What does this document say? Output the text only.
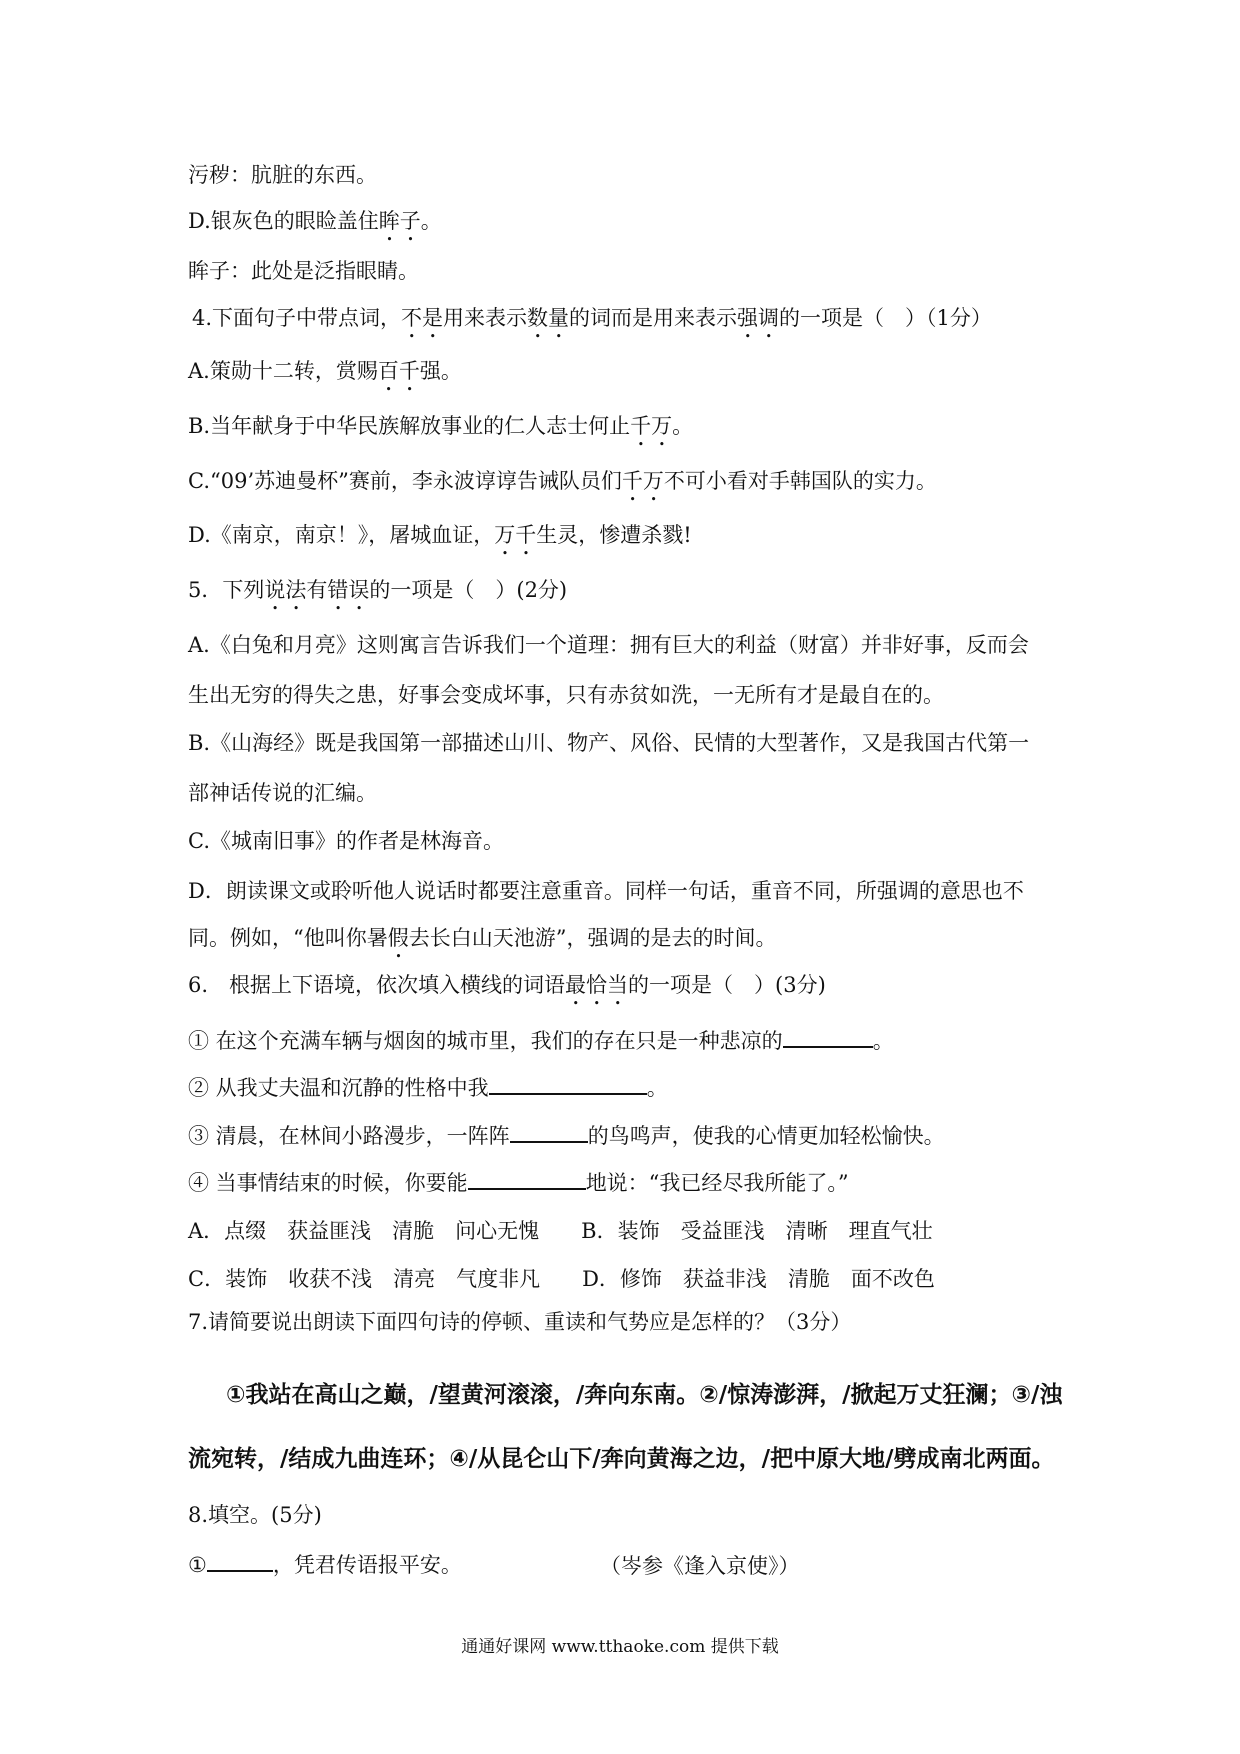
污秽：肮脏的东西。
D.银灰色的眼睑盖住眸子。
眸子：此处是泛指眼睛。
4.下面句子中带点词，不是用来表示数量的词而是用来表示强调的一项是（　）（1分）
A.策勋十二转，赏赐百千强。
B.当年献身于中华民族解放事业的仁人志士何止千万。
C.“09’苏迪曼杯”赛前，李永波谆谆告诫队员们千万不可小看对手韩国队的实力。
D.《南京，南京！》，屠城血证，万千生灵，惨遭杀戮!
5．下列说法有错误的一项是（　）(2分)
A.《白兔和月亮》这则寓言告诉我们一个道理：拥有巨大的利益（财富）并非好事，反而会
生出无穷的得失之患，好事会变成坏事，只有赤贫如洗，一无所有才是最自在的。
B.《山海经》既是我国第一部描述山川、物产、风俗、民情的大型著作，又是我国古代第一
部神话传说的汇编。
C.《城南旧事》的作者是林海音。
D．朗读课文或聆听他人说话时都要注意重音。同样一句话，重音不同，所强调的意思也不
同。例如，“他叫你暑假去长白山天池游”，强调的是去的时间。
6.　根据上下语境，依次填入横线的词语最恰当的一项是（　）(3分)
① 在这个充满车辆与烟囱的城市里，我们的存在只是一种悲凉的	。
② 从我丈夫温和沉静的性格中我	。
③ 清晨，在林间小路漫步，一阵阵	的鸟鸣声，使我的心情更加轻松愉快。
④ 当事情结束的时候，你要能	地说：“我已经尽我所能了。”
A．点缀　获益匪浅　清脆　问心无愧　　B．装饰　受益匪浅　清晰　理直气壮
C．装饰　收获不浅　清亮　气度非凡　　D．修饰　获益非浅　清脆　面不改色
7.请简要说出朗读下面四句诗的停顿、重读和气势应是怎样的？（3分）
①我站在高山之巅，/望黄河滚滚，/奔向东南。②/惊涛澎湃，/掀起万丈狂澜；③/浊
流宛转，/结成九曲连环；④/从昆仑山下/奔向黄海之边，/把中原大地/劈成南北两面。
8.填空。(5分)
①	，凭君传语报平安。	（岑参《逢入京使》）
通通好课网 www.tthaoke.com 提供下载
